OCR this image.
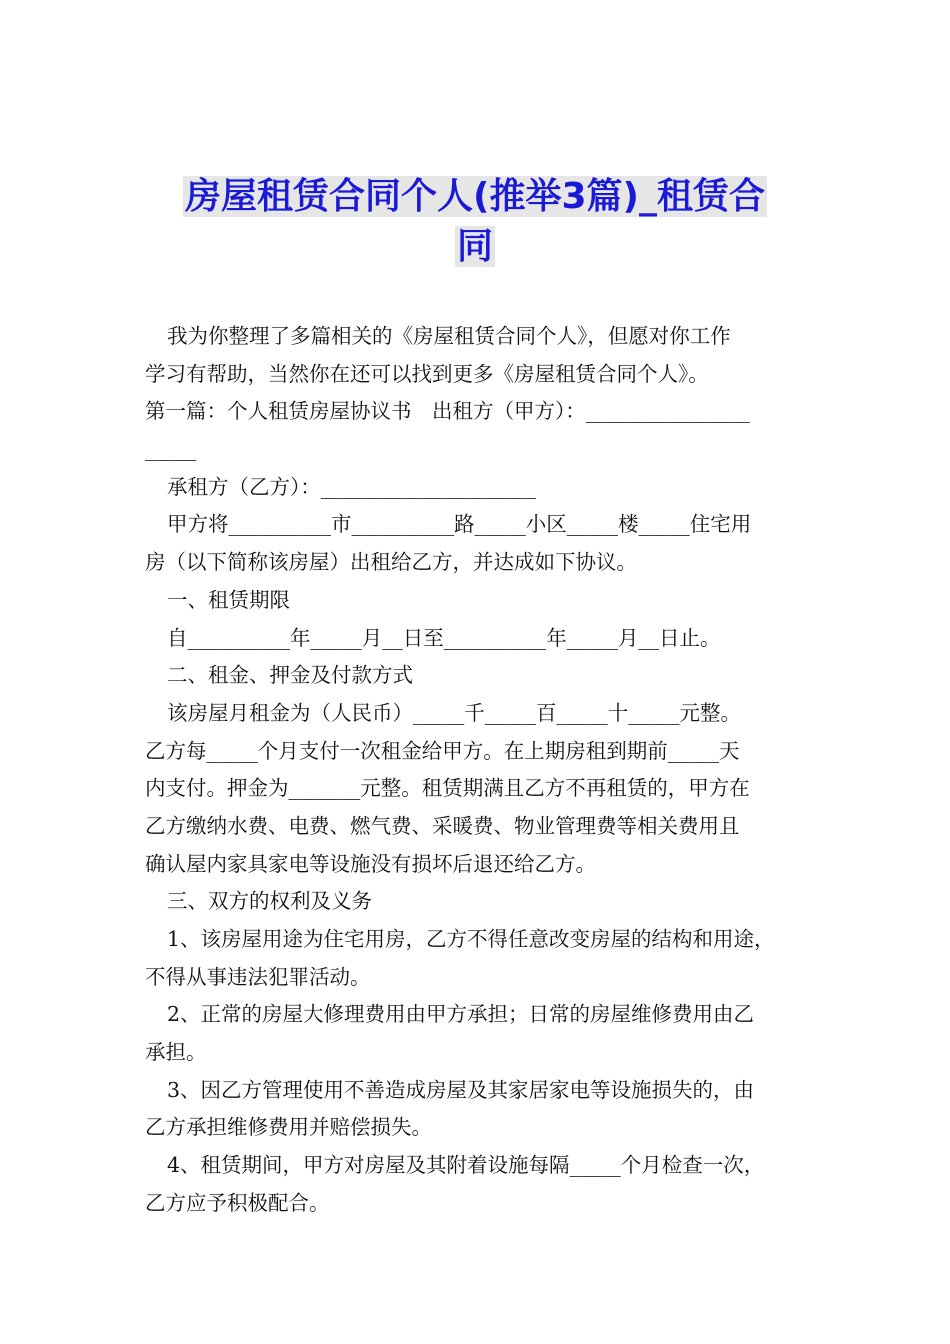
房屋租赁合同个人(推举3篇)_租赁合
同
我为你整理了多篇相关的《房屋租赁合同个人》，但愿对你工作
学习有帮助，当然你在还可以找到更多《房屋租赁合同个人》。
第一篇：个人租赁房屋协议书　出租方（甲方）：________________
_____
承租方（乙方）：_____________________
甲方将__________市__________路_____小区_____楼_____住宅用
房（以下简称该房屋）出租给乙方，并达成如下协议。
一、租赁期限
自__________年_____月__日至__________年_____月__日止。
二、租金、押金及付款方式
该房屋月租金为（人民币）_____千_____百_____十_____元整。
乙方每_____个月支付一次租金给甲方。在上期房租到期前_____天
内支付。押金为_______元整。租赁期满且乙方不再租赁的，甲方在
乙方缴纳水费、电费、燃气费、采暖费、物业管理费等相关费用且
确认屋内家具家电等设施没有损坏后退还给乙方。
三、双方的权利及义务
1、该房屋用途为住宅用房，乙方不得任意改变房屋的结构和用途，
不得从事违法犯罪活动。
2、正常的房屋大修理费用由甲方承担；日常的房屋维修费用由乙
承担。
3、因乙方管理使用不善造成房屋及其家居家电等设施损失的，由
乙方承担维修费用并赔偿损失。
4、租赁期间，甲方对房屋及其附着设施每隔_____个月检查一次，
乙方应予积极配合。
